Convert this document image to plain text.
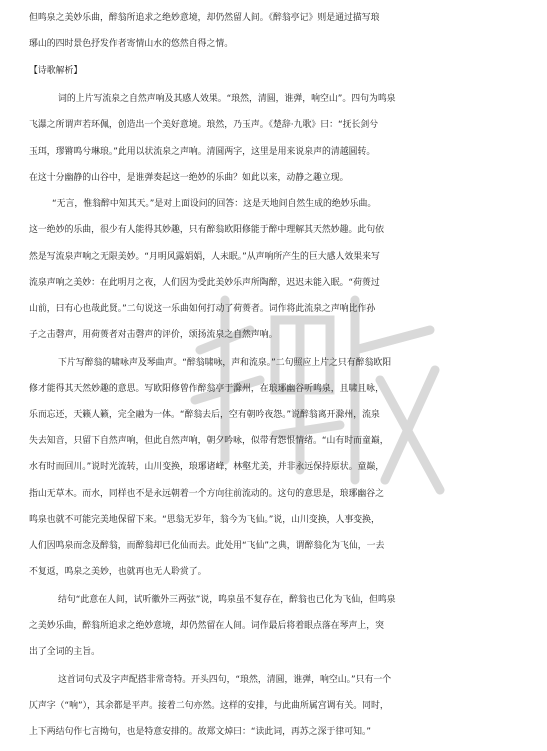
但鸣泉之美妙乐曲，醉翁所追求之绝妙意境，却仍然留人间。《醉翁亭记》则是通过描写琅

琊山的四时景色抒发作者寄情山水的悠然自得之情。

【诗歌解析】

词的上片写流泉之自然声响及其感人效果。“琅然，清圆，谁弹，响空山”。四句为鸣泉

飞瀑之所谓声若环佩，创造出一个美好意境。琅然，乃玉声。《楚辞·九歌》曰：“抚长剑兮

玉珥，璆锵鸣兮琳琅。”此用以状流泉之声响。清圆两字，这里是用来说泉声的清越圆转。

在这十分幽静的山谷中，是谁弹奏起这一绝妙的乐曲？如此以来，动静之趣立现。

“无言，惟翁醉中知其天。”是对上面设问的回答：这是天地间自然生成的绝妙乐曲。

这一绝妙的乐曲，很少有人能得其妙趣，只有醉翁欧阳修能于醉中理解其天然妙趣。此句依

然是写流泉声响之无限美妙。“月明风露娟娟，人未眠。”从声响所产生的巨大感人效果来写

流泉声响之美妙：在此明月之夜，人们因为受此美妙乐声所陶醉，迟迟未能入眠。“荷蒉过

山前，曰有心也哉此贤。”二句说这一乐曲如何打动了荷蒉者。词作将此流泉之声响比作孙

子之击磬声，用荷蒉者对击磬声的评价，颂扬流泉之自然声响。

下片写醉翁的啸咏声及琴曲声。“醉翁啸咏，声和流泉。”二句照应上片之只有醉翁欧阳

修才能得其天然妙趣的意思。写欧阳修曾作醉翁亭于滁州，在琅琊幽谷听鸣泉，且啸且咏，

乐而忘还，天籁人籁，完全融为一体。“醉翁去后，空有朝吟夜怨。”说醉翁离开滁州，流泉

失去知音，只留下自然声响，但此自然声响，朝夕吟咏，似带有怨恨情绪。“山有时而童巅，

水有时而回川。”说时光流转，山川变换，琅琊诸峰，林壑尤美，并非永远保持原状。童巅，

指山无草木。而水，同样也不是永远朝着一个方向往前流动的。这句的意思是，琅琊幽谷之

鸣泉也就不可能完美地保留下来。“思翁无岁年，翁今为飞仙。”说，山川变换，人事变换，

人们因鸣泉而念及醉翁，而醉翁却已化仙而去。此处用“飞仙”之典，谓醉翁化为飞仙，一去

不复返，鸣泉之美妙，也就再也无人聆赏了。

结句“此意在人间，试听徽外三两弦”说，鸣泉虽不复存在，醉翁也已化为飞仙，但鸣泉

之美妙乐曲，醉翁所追求之绝妙意境，却仍然留在人间。词作最后将着眼点落在琴声上，突

出了全词的主旨。

这首词句式及字声配搭非常奇特。开头四句，“琅然，清圆，谁弹，响空山。”只有一个

仄声字（“响”），其余都是平声。接着二句亦然。这样的安排，与此曲所属宫调有关。同时，

上下两结句作七言拗句，也是特意安排的。故郑文焯曰：“读此词，再苏之深于律可知。”
